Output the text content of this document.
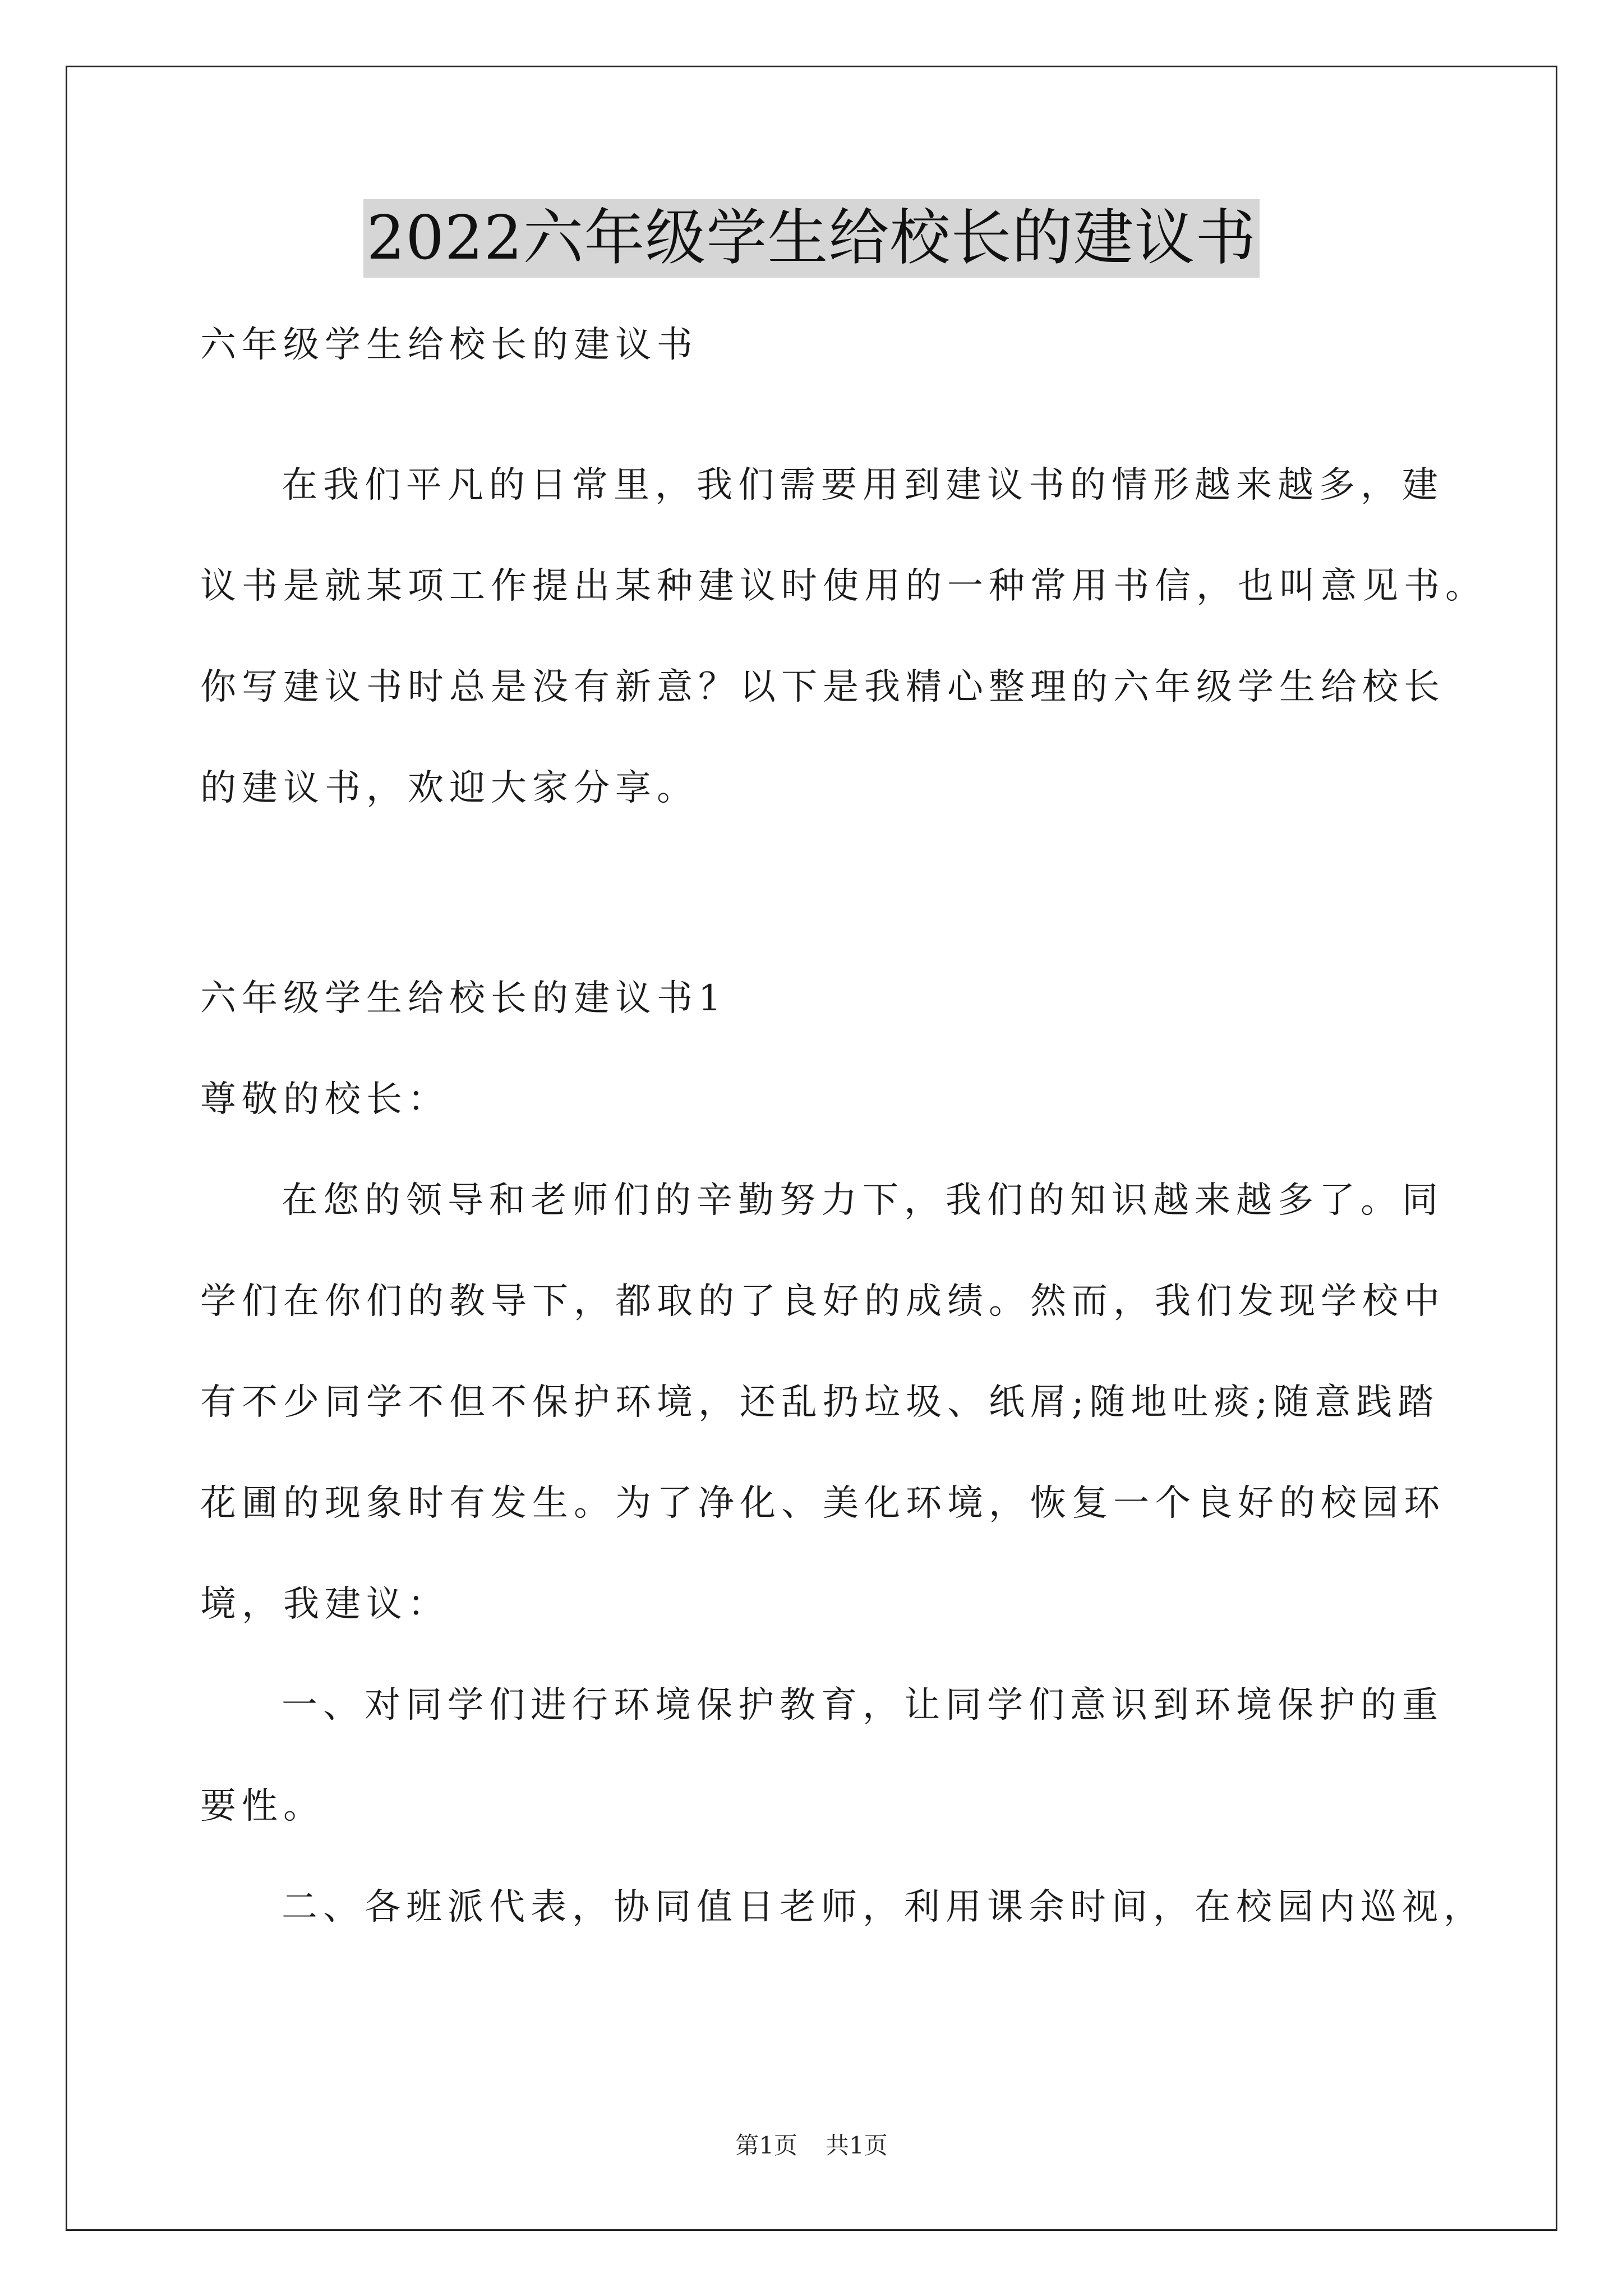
2022六年级学生给校长的建议书
六年级学生给校长的建议书
在我们平凡的日常里，我们需要用到建议书的情形越来越多，建
议书是就某项工作提出某种建议时使用的一种常用书信，也叫意见书。
你写建议书时总是没有新意？以下是我精心整理的六年级学生给校长
的建议书，欢迎大家分享。
六年级学生给校长的建议书1
尊敬的校长：
在您的领导和老师们的辛勤努力下，我们的知识越来越多了。同
学们在你们的教导下，都取的了良好的成绩。然而，我们发现学校中
有不少同学不但不保护环境，还乱扔垃圾、纸屑;随地吐痰;随意践踏
花圃的现象时有发生。为了净化、美化环境，恢复一个良好的校园环
境，我建议：
一、对同学们进行环境保护教育，让同学们意识到环境保护的重
要性。
二、各班派代表，协同值日老师，利用课余时间，在校园内巡视，
第1页 共1页
